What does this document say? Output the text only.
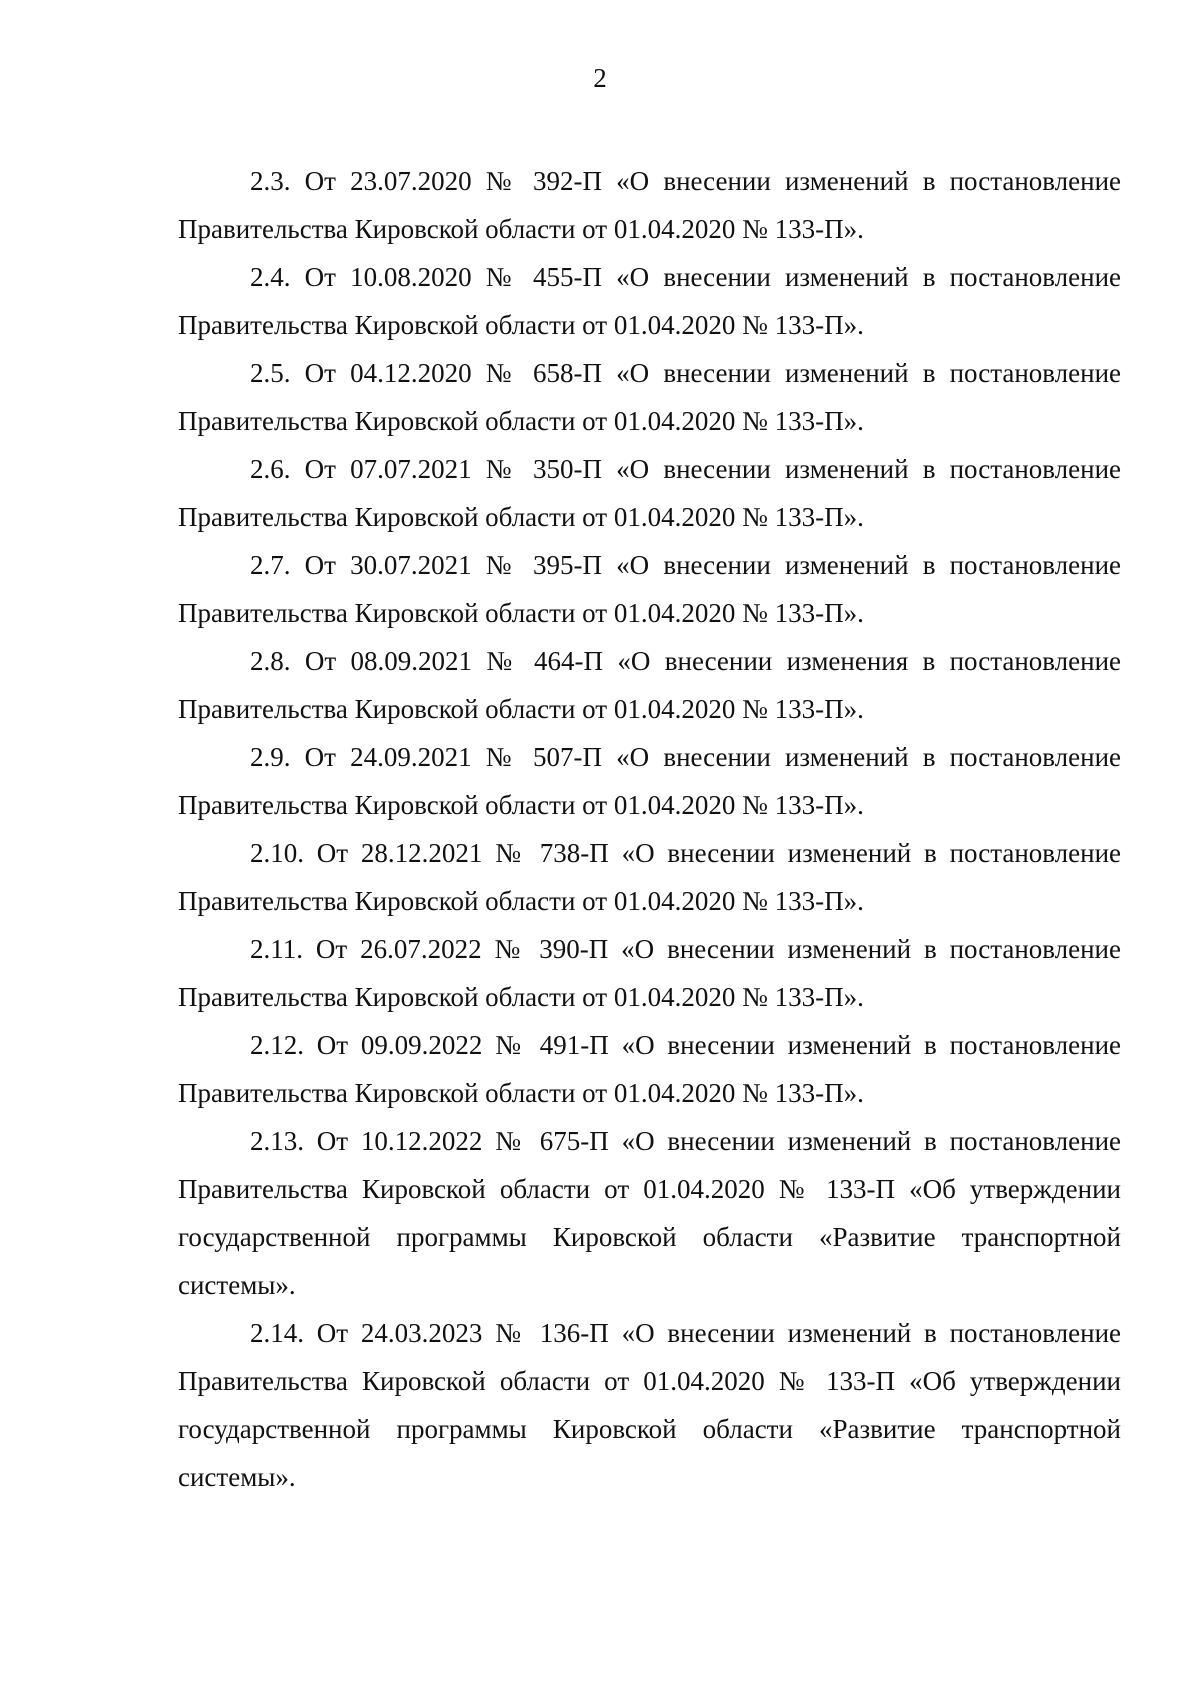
2

2.3. От 23.07.2020 № 392-П «О внесении изменений в постановление Правительства Кировской области от 01.04.2020 № 133-П».

2.4. От 10.08.2020 № 455-П «О внесении изменений в постановление Правительства Кировской области от 01.04.2020 № 133-П».

2.5. От 04.12.2020 № 658-П «О внесении изменений в постановление Правительства Кировской области от 01.04.2020 № 133-П».

2.6. От 07.07.2021 № 350-П «О внесении изменений в постановление Правительства Кировской области от 01.04.2020 № 133-П».

2.7. От 30.07.2021 № 395-П «О внесении изменений в постановление Правительства Кировской области от 01.04.2020 № 133-П».

2.8. От 08.09.2021 № 464-П «О внесении изменения в постановление Правительства Кировской области от 01.04.2020 № 133-П».

2.9. От 24.09.2021 № 507-П «О внесении изменений в постановление Правительства Кировской области от 01.04.2020 № 133-П».

2.10. От 28.12.2021 № 738-П «О внесении изменений в постановление Правительства Кировской области от 01.04.2020 № 133-П».

2.11. От 26.07.2022 № 390-П «О внесении изменений в постановление Правительства Кировской области от 01.04.2020 № 133-П».

2.12. От 09.09.2022 № 491-П «О внесении изменений в постановление Правительства Кировской области от 01.04.2020 № 133-П».

2.13. От 10.12.2022 № 675-П «О внесении изменений в постановление Правительства Кировской области от 01.04.2020 № 133-П «Об утверждении государственной программы Кировской области «Развитие транспортной системы».

2.14. От 24.03.2023 № 136-П «О внесении изменений в постановление Правительства Кировской области от 01.04.2020 № 133-П «Об утверждении государственной программы Кировской области «Развитие транспортной системы».
